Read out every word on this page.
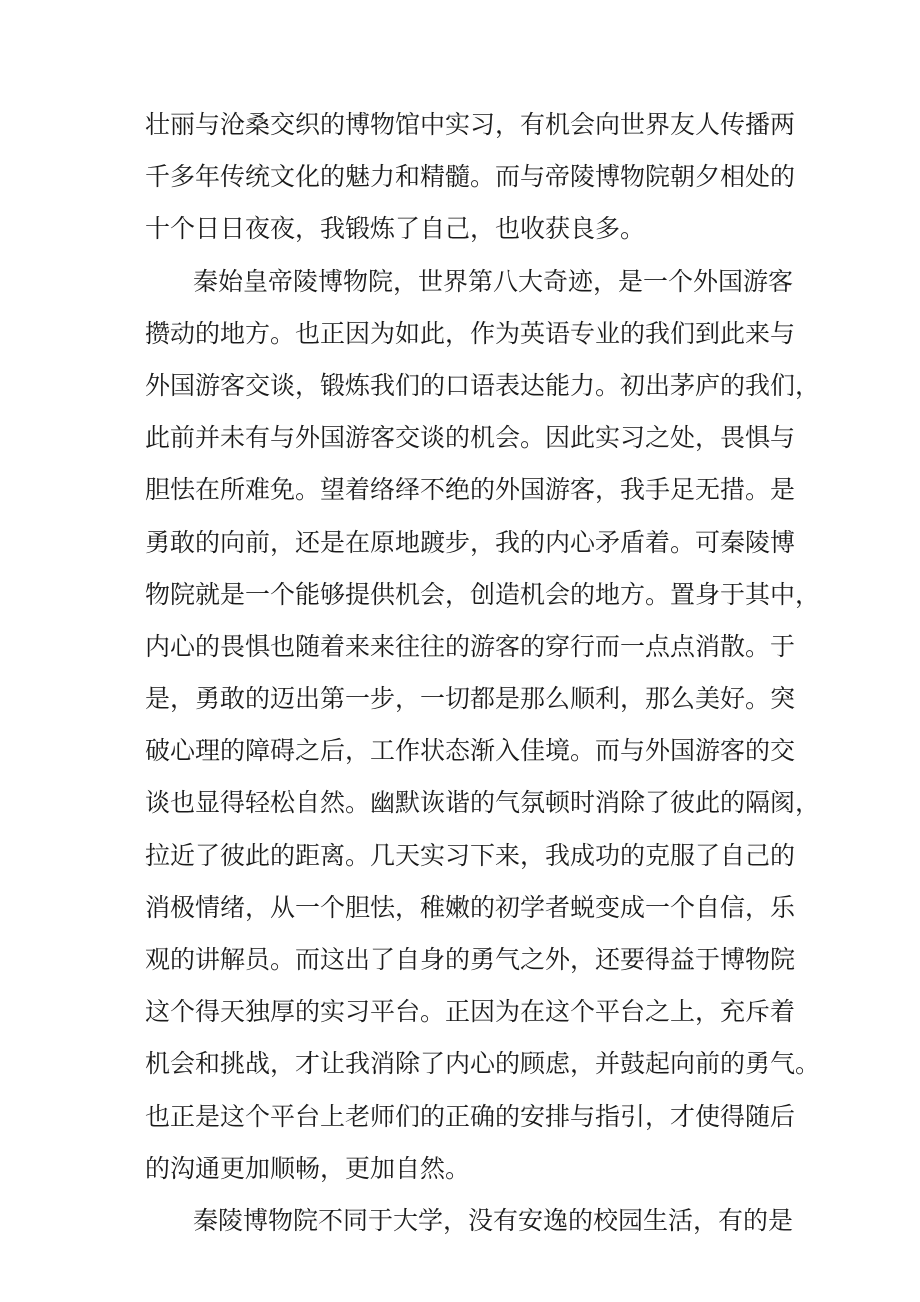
壮丽与沧桑交织的博物馆中实习，有机会向世界友人传播两
千多年传统文化的魅力和精髓。而与帝陵博物院朝夕相处的
十个日日夜夜，我锻炼了自己，也收获良多。
秦始皇帝陵博物院，世界第八大奇迹，是一个外国游客
攒动的地方。也正因为如此，作为英语专业的我们到此来与
外国游客交谈，锻炼我们的口语表达能力。初出茅庐的我们，
此前并未有与外国游客交谈的机会。因此实习之处，畏惧与
胆怯在所难免。望着络绎不绝的外国游客，我手足无措。是
勇敢的向前，还是在原地踱步，我的内心矛盾着。可秦陵博
物院就是一个能够提供机会，创造机会的地方。置身于其中，
内心的畏惧也随着来来往往的游客的穿行而一点点消散。于
是，勇敢的迈出第一步，一切都是那么顺利，那么美好。突
破心理的障碍之后，工作状态渐入佳境。而与外国游客的交
谈也显得轻松自然。幽默诙谐的气氛顿时消除了彼此的隔阂，
拉近了彼此的距离。几天实习下来，我成功的克服了自己的
消极情绪，从一个胆怯，稚嫩的初学者蜕变成一个自信，乐
观的讲解员。而这出了自身的勇气之外，还要得益于博物院
这个得天独厚的实习平台。正因为在这个平台之上，充斥着
机会和挑战，才让我消除了内心的顾虑，并鼓起向前的勇气。
也正是这个平台上老师们的正确的安排与指引，才使得随后
的沟通更加顺畅，更加自然。
秦陵博物院不同于大学，没有安逸的校园生活，有的是
